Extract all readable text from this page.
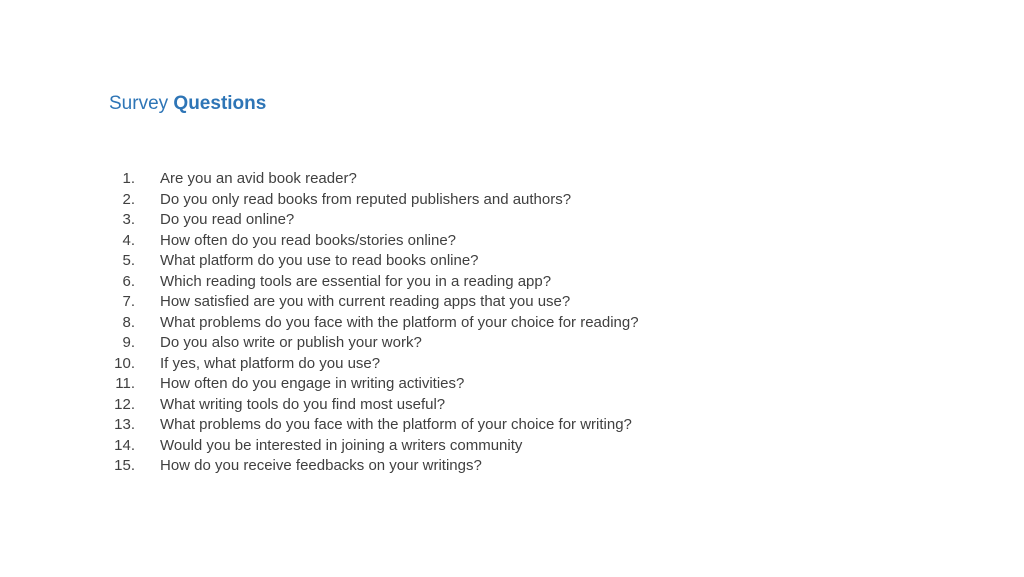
Survey Questions
1. Are you an avid book reader?
2. Do you only read books from reputed publishers and authors?
3. Do you read online?
4. How often do you read books/stories online?
5. What platform do you use to read books online?
6. Which reading tools are essential for you in a reading app?
7. How satisfied are you with current reading apps that you use?
8. What problems do you face with the platform of your choice for reading?
9. Do you also write or publish your work?
10. If yes, what platform do you use?
11. How often do you engage in writing activities?
12. What writing tools do you find most useful?
13. What problems do you face with the platform of your choice for writing?
14. Would you be interested in joining a writers community
15. How do you receive feedbacks on your writings?
